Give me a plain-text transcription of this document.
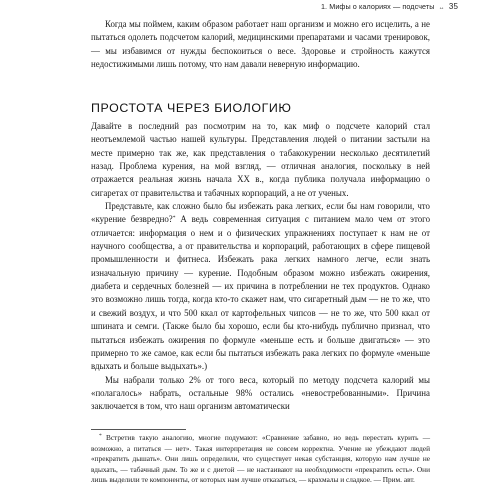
1. Мифы о калориях — подсчеты ↔ 35

Когда мы поймем, каким образом работает наш организм и можно его исцелить, а не пытаться одолеть подсчетом калорий, медицинскими препаратами и часами тренировок, — мы избавимся от нужды беспокоиться о весе. Здоровье и стройность кажутся недостижимыми лишь потому, что нам давали неверную информацию.

ПРОСТОТА ЧЕРЕЗ БИОЛОГИЮ

Давайте в последний раз посмотрим на то, как миф о подсчете калорий стал неотъемлемой частью нашей культуры. Представления людей о питании застыли на месте примерно так же, как представления о табакокурении несколько десятилетий назад. Проблема курения, на мой взгляд, — отличная аналогия, поскольку в ней отражается реальная жизнь начала XX в., когда публика получала информацию о сигаретах от правительства и табачных корпораций, а не от ученых.

Представьте, как сложно было бы избежать рака легких, если бы нам говорили, что «курение безвредно?* А ведь современная ситуация с питанием мало чем от этого отличается: информация о нем и о физических упражнениях поступает к нам не от научного сообщества, а от правительства и корпораций, работающих в сфере пищевой промышленности и фитнеса. Избежать рака легких намного легче, если знать изначальную причину — курение. Подобным образом можно избежать ожирения, диабета и сердечных болезней — их причина в потреблении не тех продуктов. Однако это возможно лишь тогда, когда кто-то скажет нам, что сигаретный дым — не то же, что и свежий воздух, и что 500 ккал от картофельных чипсов — не то же, что 500 ккал от шпината и семги. (Также было бы хорошо, если бы кто-нибудь публично признал, что пытаться избежать ожирения по формуле «меньше есть и больше двигаться» — это примерно то же самое, как если бы пытаться избежать рака легких по формуле «меньше вдыхать и больше выдыхать».)

Мы набрали только 2% от того веса, который по методу подсчета калорий мы «полагалось» набрать, остальные 98% остались «невостребованными». Причина заключается в том, что наш организм автоматически

* Встретив такую аналогию, многие подумают: «Сравнение забавно, но ведь перестать курить — возможно, а питаться — нет». Такая интерпретация не совсем корректна. Учение не убеждают людей «прекратить дышать». Они лишь определили, что существует некая субстанция, которую нам лучше не вдыхать, — табачный дым. То же и с диетой — не настаивают на необходимости «прекратить есть». Они лишь выделили те компоненты, от которых нам лучше отказаться, — крахмалы и сладкое. — Прим. авт.
